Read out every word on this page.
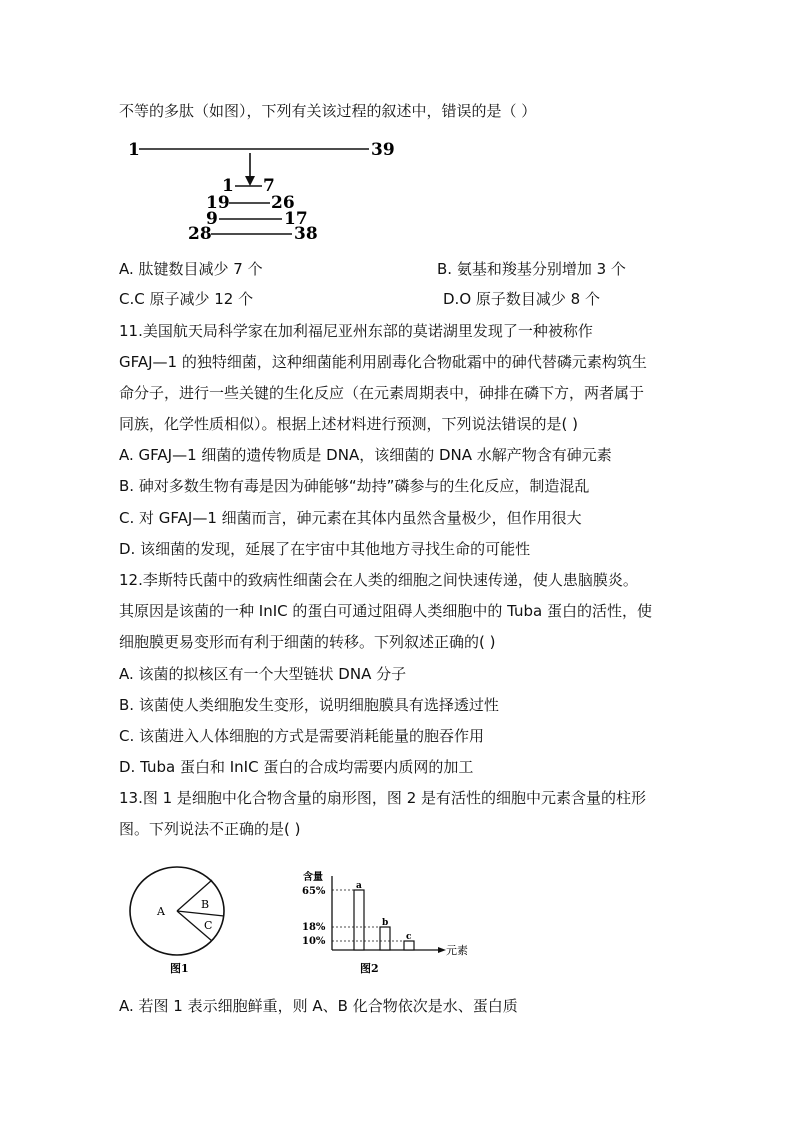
不等的多肽（如图），下列有关该过程的叙述中，错误的是（ ）
1	39
1 7
19 26
9	17
28	38
A. 肽键数目减少 7 个	B. 氨基和羧基分别增加 3 个
C.C 原子减少 12 个	D.O 原子数目减少 8 个
11.美国航天局科学家在加利福尼亚州东部的莫诺湖里发现了一种被称作
GFAJ—1 的独特细菌，这种细菌能利用剧毒化合物砒霜中的砷代替磷元素构筑生
命分子，进行一些关键的生化反应（在元素周期表中，砷排在磷下方，两者属于
同族，化学性质相似）。根据上述材料进行预测，下列说法错误的是( )
A. GFAJ—1 细菌的遗传物质是 DNA，该细菌的 DNA 水解产物含有砷元素
B. 砷对多数生物有毒是因为砷能够“劫持”磷参与的生化反应，制造混乱
C. 对 GFAJ—1 细菌而言，砷元素在其体内虽然含量极少，但作用很大
D. 该细菌的发现，延展了在宇宙中其他地方寻找生命的可能性
12.李斯特氏菌中的致病性细菌会在人类的细胞之间快速传递，使人患脑膜炎。
其原因是该菌的一种 InIC 的蛋白可通过阻碍人类细胞中的 Tuba 蛋白的活性，使
细胞膜更易变形而有利于细菌的转移。下列叙述正确的( )
A. 该菌的拟核区有一个大型链状 DNA 分子
B. 该菌使人类细胞发生变形，说明细胞膜具有选择透过性
C. 该菌进入人体细胞的方式是需要消耗能量的胞吞作用
D. Tuba 蛋白和 InIC 蛋白的合成均需要内质网的加工
13.图 1 是细胞中化合物含量的扇形图，图 2 是有活性的细胞中元素含量的柱形
图。下列说法不正确的是( )
A
B
C
图1
含量
元素
65%
18%
10%
a
b
c
图2
A. 若图 1 表示细胞鲜重，则 A、B 化合物依次是水、蛋白质
